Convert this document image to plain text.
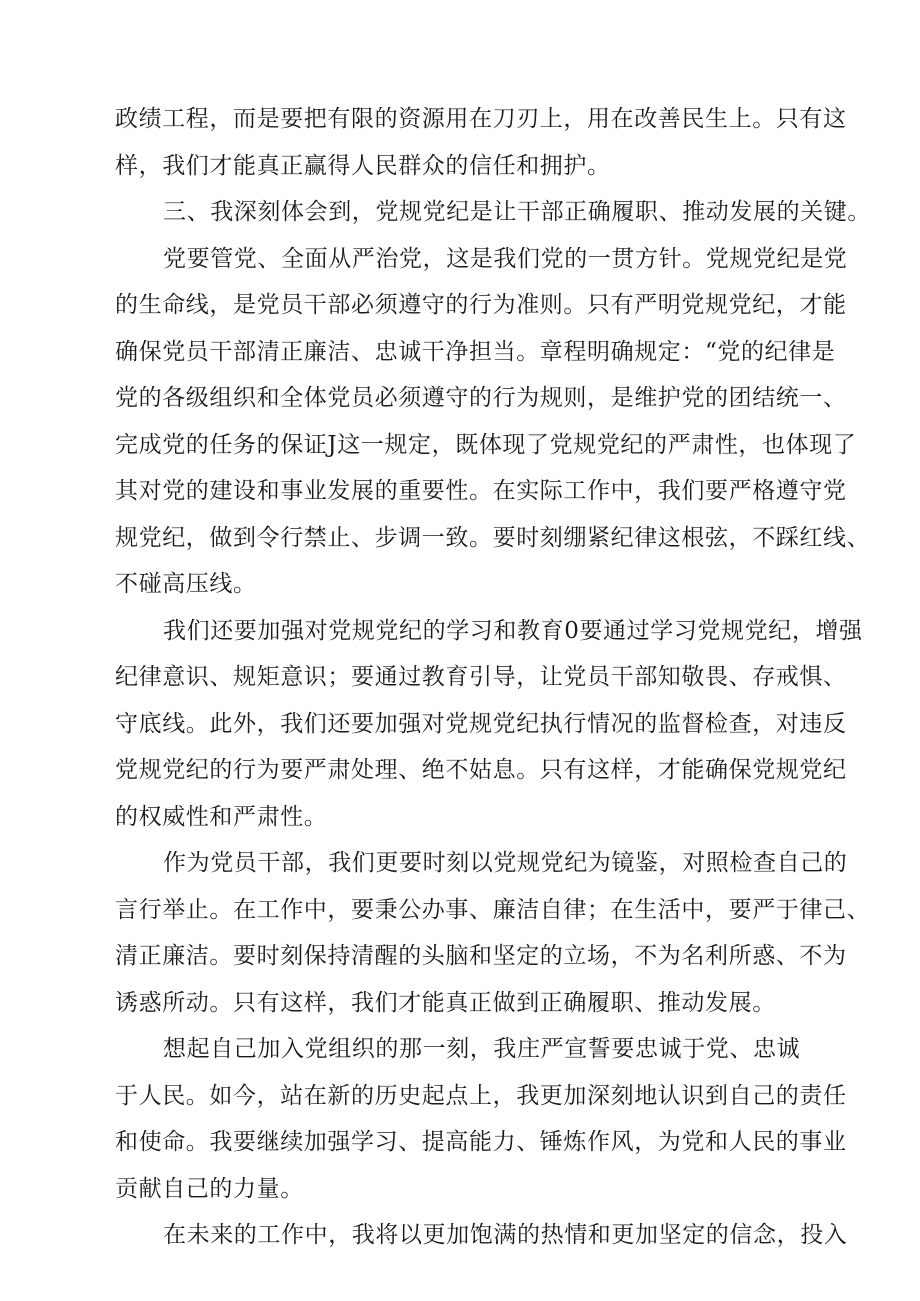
政绩工程，而是要把有限的资源用在刀刃上，用在改善民生上。只有这
样，我们才能真正赢得人民群众的信任和拥护。
三、我深刻体会到，党规党纪是让干部正确履职、推动发展的关键。
党要管党、全面从严治党，这是我们党的一贯方针。党规党纪是党
的生命线，是党员干部必须遵守的行为准则。只有严明党规党纪，才能
确保党员干部清正廉洁、忠诚干净担当。章程明确规定：“党的纪律是
党的各级组织和全体党员必须遵守的行为规则，是维护党的团结统一、
完成党的任务的保证J这一规定，既体现了党规党纪的严肃性，也体现了
其对党的建设和事业发展的重要性。在实际工作中，我们要严格遵守党
规党纪，做到令行禁止、步调一致。要时刻绷紧纪律这根弦，不踩红线、
不碰高压线。
我们还要加强对党规党纪的学习和教育0要通过学习党规党纪，增强
纪律意识、规矩意识；要通过教育引导，让党员干部知敬畏、存戒惧、
守底线。此外，我们还要加强对党规党纪执行情况的监督检查，对违反
党规党纪的行为要严肃处理、绝不姑息。只有这样，才能确保党规党纪
的权威性和严肃性。
作为党员干部，我们更要时刻以党规党纪为镜鉴，对照检查自己的
言行举止。在工作中，要秉公办事、廉洁自律；在生活中，要严于律己、
清正廉洁。要时刻保持清醒的头脑和坚定的立场，不为名利所惑、不为
诱惑所动。只有这样，我们才能真正做到正确履职、推动发展。
想起自己加入党组织的那一刻，我庄严宣誓要忠诚于党、忠诚
于人民。如今，站在新的历史起点上，我更加深刻地认识到自己的责任
和使命。我要继续加强学习、提高能力、锤炼作风，为党和人民的事业
贡献自己的力量。
在未来的工作中，我将以更加饱满的热情和更加坚定的信念，投入
